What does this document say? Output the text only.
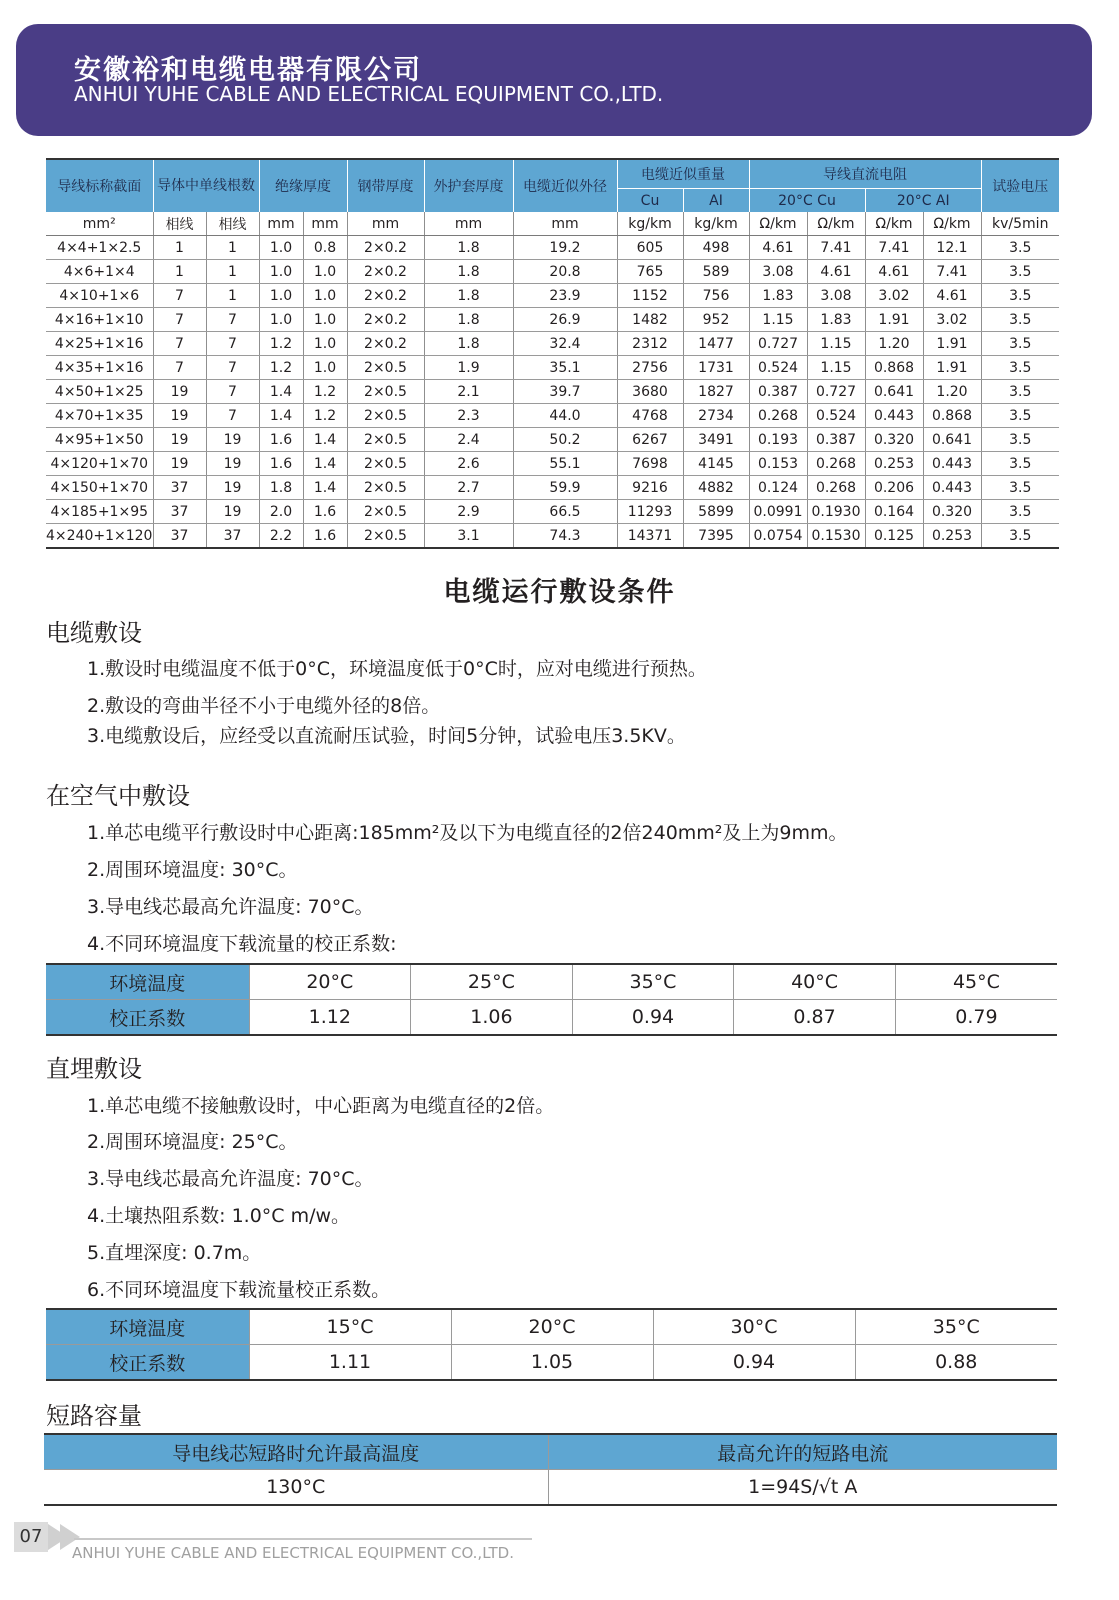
安徽裕和电缆电器有限公司
ANHUI YUHE CABLE AND ELECTRICAL EQUIPMENT CO.,LTD.
导线标称截面	导体中单线根数		绝缘厚度		钢带厚度	外护套厚度	电缆近似外径	电缆近似重量		导线直流电阻				试验电压
								Cu	AI	20°C Cu		20°C AI		
mm²	相线	相线	mm	mm	mm	mm	mm	kg/km	kg/km	Ω/km	Ω/km	Ω/km	Ω/km	kv/5min
4×4+1×2.5	1	1	1.0	0.8	2×0.2	1.8	19.2	605	498	4.61	7.41	7.41	12.1	3.5
4×6+1×4	1	1	1.0	1.0	2×0.2	1.8	20.8	765	589	3.08	4.61	4.61	7.41	3.5
4×10+1×6	7	1	1.0	1.0	2×0.2	1.8	23.9	1152	756	1.83	3.08	3.02	4.61	3.5
4×16+1×10	7	7	1.0	1.0	2×0.2	1.8	26.9	1482	952	1.15	1.83	1.91	3.02	3.5
4×25+1×16	7	7	1.2	1.0	2×0.2	1.8	32.4	2312	1477	0.727	1.15	1.20	1.91	3.5
4×35+1×16	7	7	1.2	1.0	2×0.5	1.9	35.1	2756	1731	0.524	1.15	0.868	1.91	3.5
4×50+1×25	19	7	1.4	1.2	2×0.5	2.1	39.7	3680	1827	0.387	0.727	0.641	1.20	3.5
4×70+1×35	19	7	1.4	1.2	2×0.5	2.3	44.0	4768	2734	0.268	0.524	0.443	0.868	3.5
4×95+1×50	19	19	1.6	1.4	2×0.5	2.4	50.2	6267	3491	0.193	0.387	0.320	0.641	3.5
4×120+1×70	19	19	1.6	1.4	2×0.5	2.6	55.1	7698	4145	0.153	0.268	0.253	0.443	3.5
4×150+1×70	37	19	1.8	1.4	2×0.5	2.7	59.9	9216	4882	0.124	0.268	0.206	0.443	3.5
4×185+1×95	37	19	2.0	1.6	2×0.5	2.9	66.5	11293	5899	0.0991	0.1930	0.164	0.320	3.5
4×240+1×120	37	37	2.2	1.6	2×0.5	3.1	74.3	14371	7395	0.0754	0.1530	0.125	0.253	3.5
电缆运行敷设条件
电缆敷设
1.敷设时电缆温度不低于0°C，环境温度低于0°C时，应对电缆进行预热。
2.敷设的弯曲半径不小于电缆外径的8倍。
3.电缆敷设后，应经受以直流耐压试验，时间5分钟，试验电压3.5KV。
在空气中敷设
1.单芯电缆平行敷设时中心距离:185mm²及以下为电缆直径的2倍240mm²及上为9mm。
2.周围环境温度: 30°C。
3.导电线芯最高允许温度: 70°C。
4.不同环境温度下载流量的校正系数:
环境温度	20°C	25°C	35°C	40°C	45°C
校正系数	1.12	1.06	0.94	0.87	0.79
直埋敷设
1.单芯电缆不接触敷设时，中心距离为电缆直径的2倍。
2.周围环境温度: 25°C。
3.导电线芯最高允许温度: 70°C。
4.土壤热阻系数: 1.0°C m/w。
5.直埋深度: 0.7m。
6.不同环境温度下载流量校正系数。
环境温度	15°C	20°C	30°C	35°C
校正系数	1.11	1.05	0.94	0.88
短路容量
导电线芯短路时允许最高温度	最高允许的短路电流
130°C	1=94S/√t A
07
ANHUI YUHE CABLE AND ELECTRICAL EQUIPMENT CO.,LTD.
